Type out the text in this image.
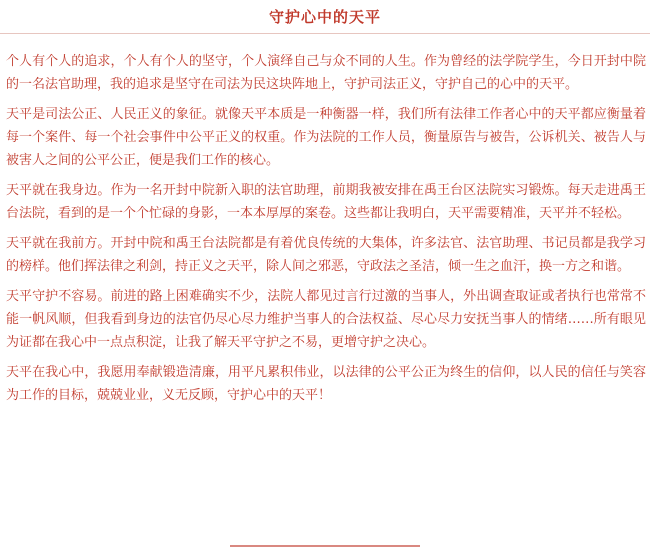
守护心中的天平

个人有个人的追求，个人有个人的坚守，个人演绎自己与众不同的人生。作为曾经的法学院学生，今日开封中院的一名法官助理，我的追求是坚守在司法为民这块阵地上，守护司法正义，守护自己的心中的天平。

天平是司法公正、人民正义的象征。就像天平本质是一种衡器一样，我们所有法律工作者心中的天平都应衡量着每一个案件、每一个社会事件中公平正义的权重。作为法院的工作人员，衡量原告与被告，公诉机关、被告人与被害人之间的公平公正，便是我们工作的核心。

天平就在我身边。作为一名开封中院新入职的法官助理，前期我被安排在禹王台区法院实习锻炼。每天走进禹王台法院，看到的是一个个忙碌的身影，一本本厚厚的案卷。这些都让我明白，天平需要精准，天平并不轻松。

天平就在我前方。开封中院和禹王台法院都是有着优良传统的大集体，许多法官、法官助理、书记员都是我学习的榜样。他们挥法律之利剑，持正义之天平，除人间之邪恶，守政法之圣洁，倾一生之血汗，换一方之和谐。

天平守护不容易。前进的路上困难确实不少，法院人都见过言行过激的当事人，外出调查取证或者执行也常常不能一帆风顺，但我看到身边的法官仍尽心尽力维护当事人的合法权益、尽心尽力安抚当事人的情绪……所有眼见为证都在我心中一点点积淀，让我了解天平守护之不易，更增守护之决心。

天平在我心中，我愿用奉献锻造清廉，用平凡累积伟业，以法律的公平公正为终生的信仰，以人民的信任与笑容为工作的目标，兢兢业业，义无反顾，守护心中的天平！
